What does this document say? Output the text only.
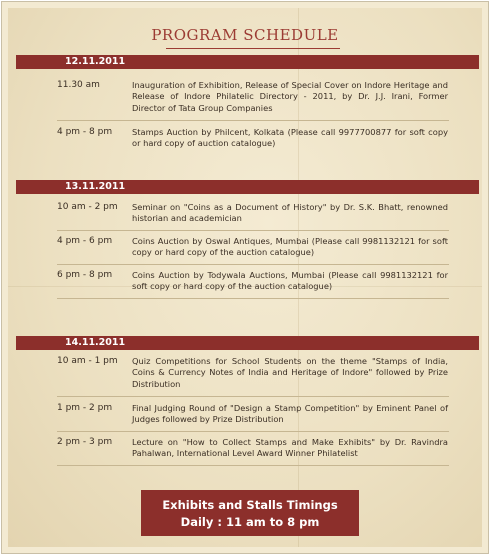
PROGRAM SCHEDULE
12.11.2011
11.30 am	Inauguration of Exhibition, Release of Special Cover on Indore Heritage and Release of Indore Philatelic Directory - 2011, by Dr. J.J. Irani, Former Director of Tata Group Companies
4 pm - 8 pm	Stamps Auction by Philcent, Kolkata (Please call 9977700877 for soft copy or hard copy of auction catalogue)
13.11.2011
10 am - 2 pm	Seminar on "Coins as a Document of History" by Dr. S.K. Bhatt, renowned historian and academician
4 pm - 6 pm	Coins Auction by Oswal Antiques, Mumbai (Please call 9981132121 for soft copy or hard copy of the auction catalogue)
6 pm - 8 pm	Coins Auction by Todywala Auctions, Mumbai (Please call 9981132121 for soft copy or hard copy of the auction catalogue)
14.11.2011
10 am - 1 pm	Quiz Competitions for School Students on the theme "Stamps of India, Coins & Currency Notes of India and Heritage of Indore" followed by Prize Distribution
1 pm - 2 pm	Final Judging Round of "Design a Stamp Competition" by Eminent Panel of Judges followed by Prize Distribution
2 pm - 3 pm	Lecture on "How to Collect Stamps and Make Exhibits" by Dr. Ravindra Pahalwan, International Level Award Winner Philatelist
Exhibits and Stalls Timings
Daily : 11 am to 8 pm
